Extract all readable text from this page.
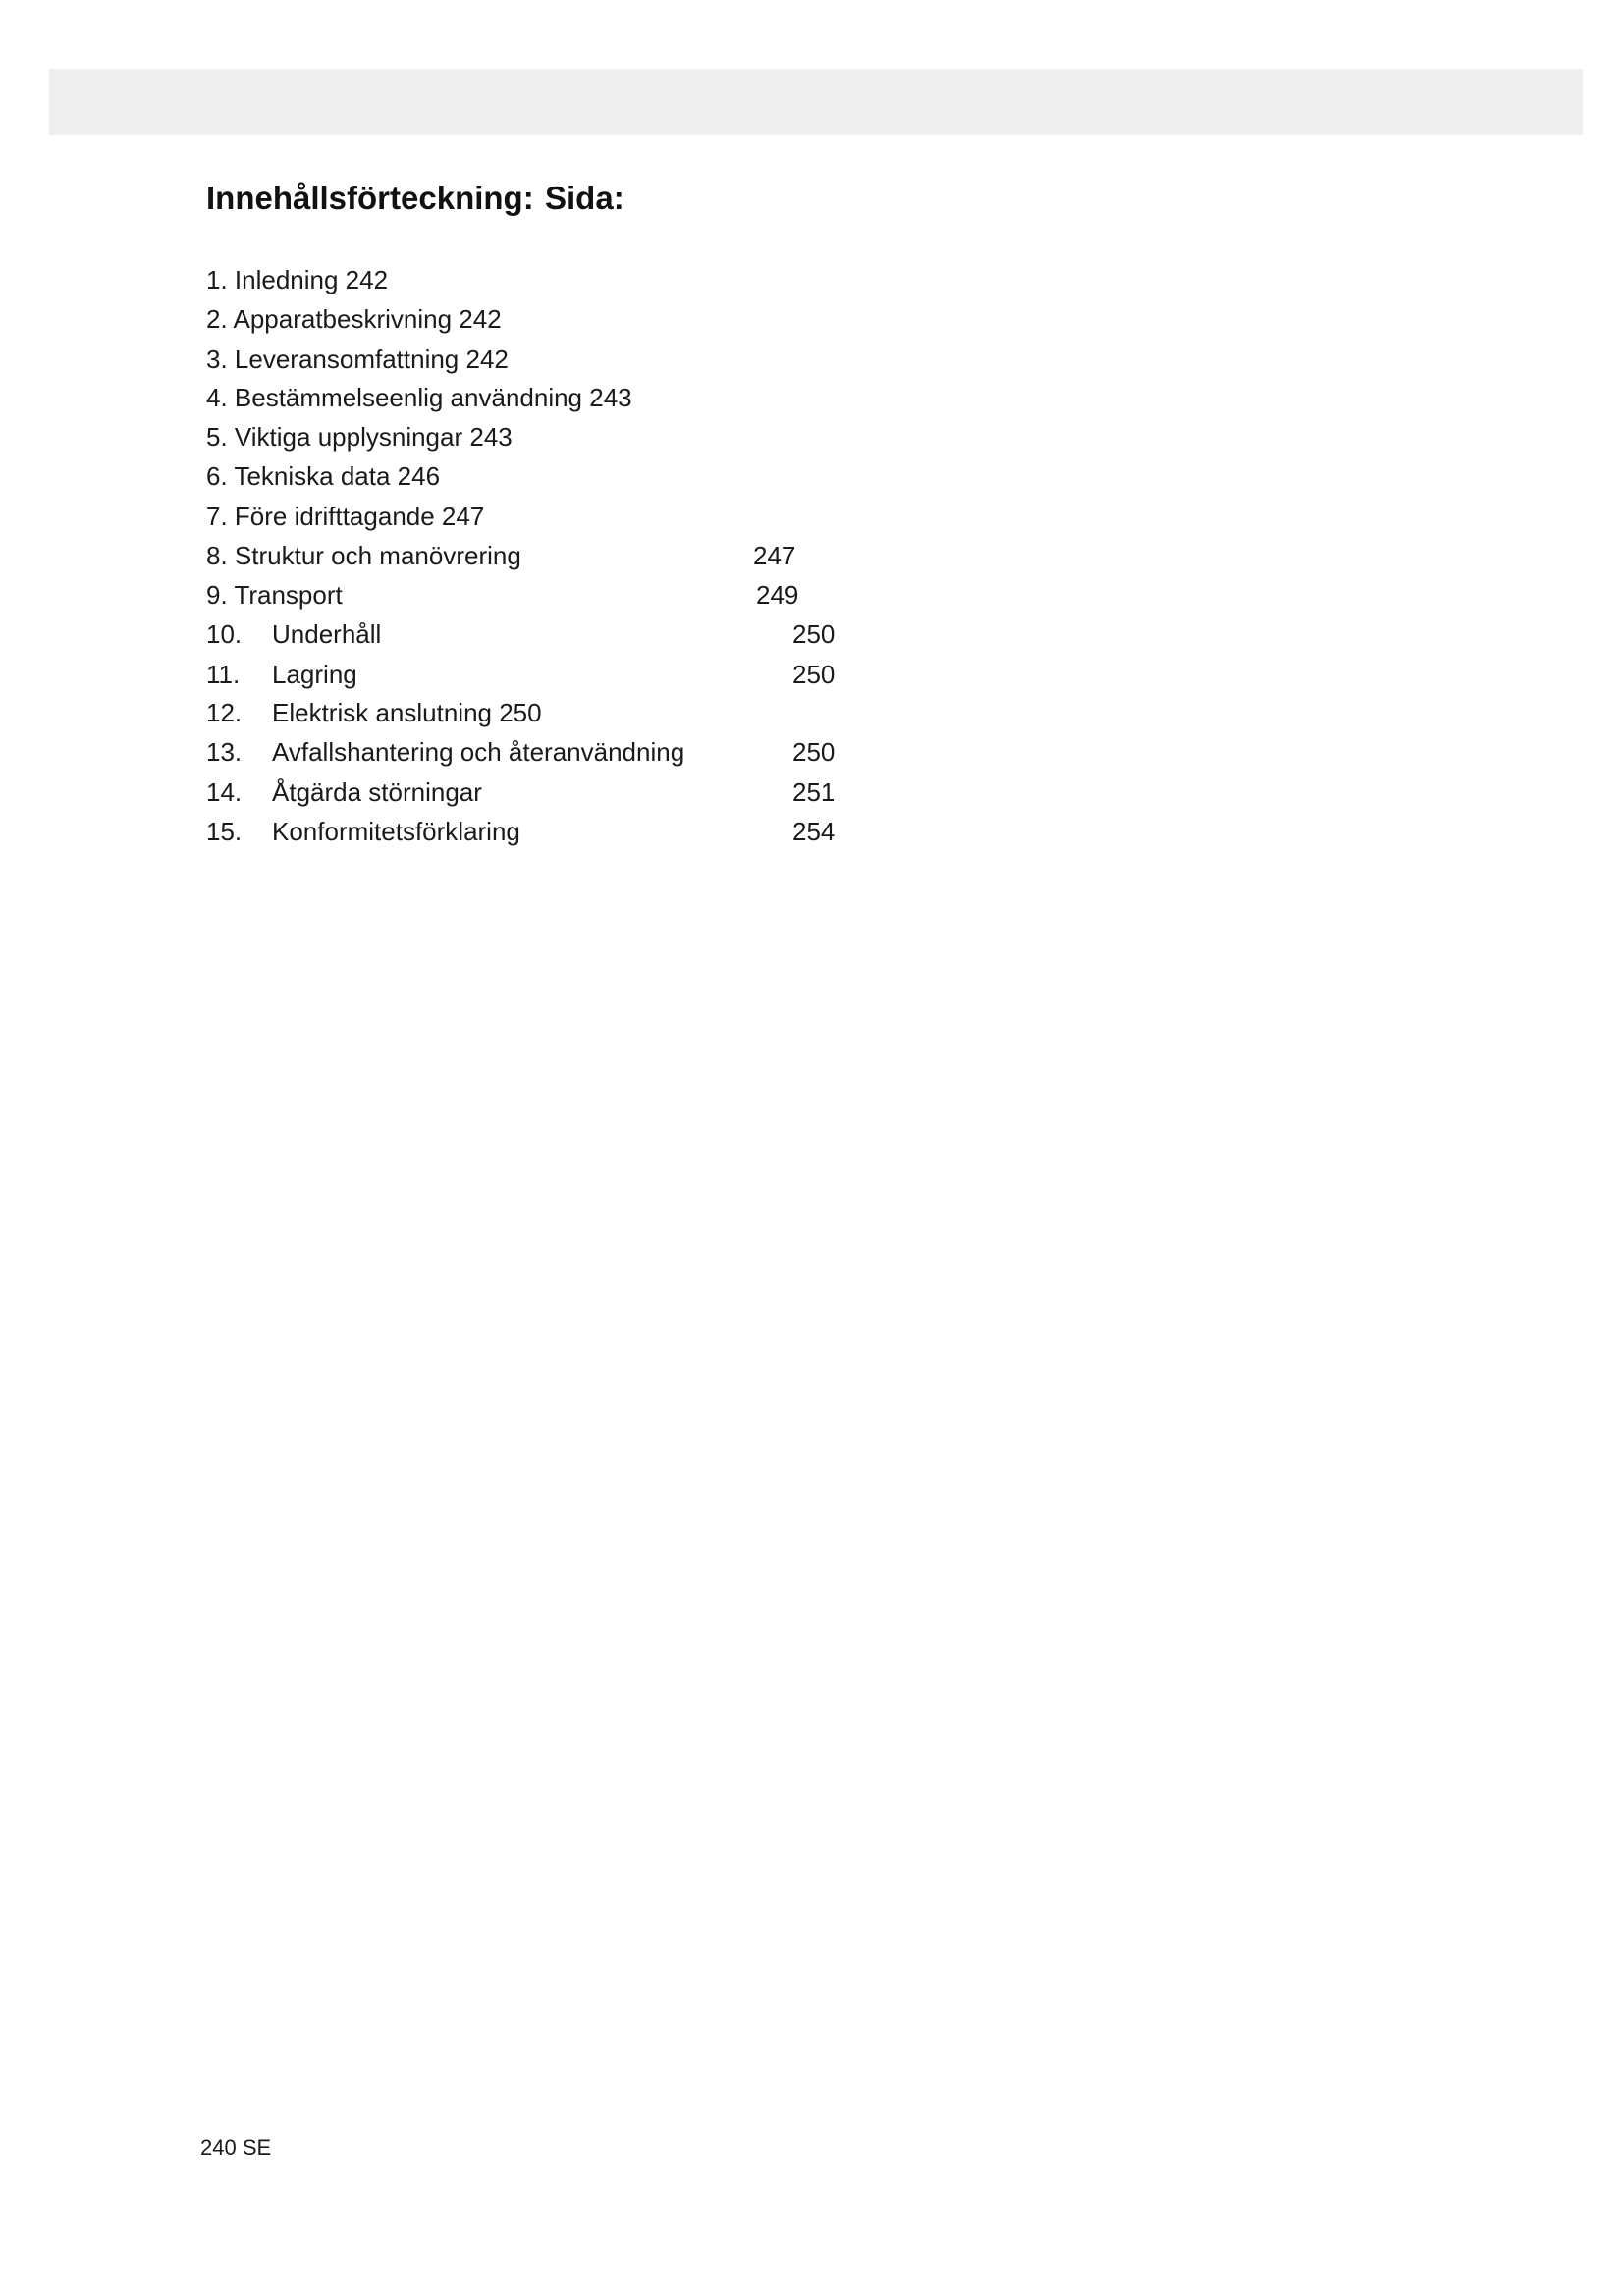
Innehållsförteckning: Sida:
1. Inledning 242
2. Apparatbeskrivning 242
3. Leveransomfattning 242
4. Bestämmelseenlig användning 243
5. Viktiga upplysningar 243
6. Tekniska data 246
7. Före idrifttagande 247
8. Struktur och manövrering	247
9. Transport	249
10. Underhåll	250
11. Lagring	250
12. Elektrisk anslutning 250
13. Avfallshantering och återanvändning	250
14. Åtgärda störningar	251
15. Konformitetsförklaring	254
240 SE
